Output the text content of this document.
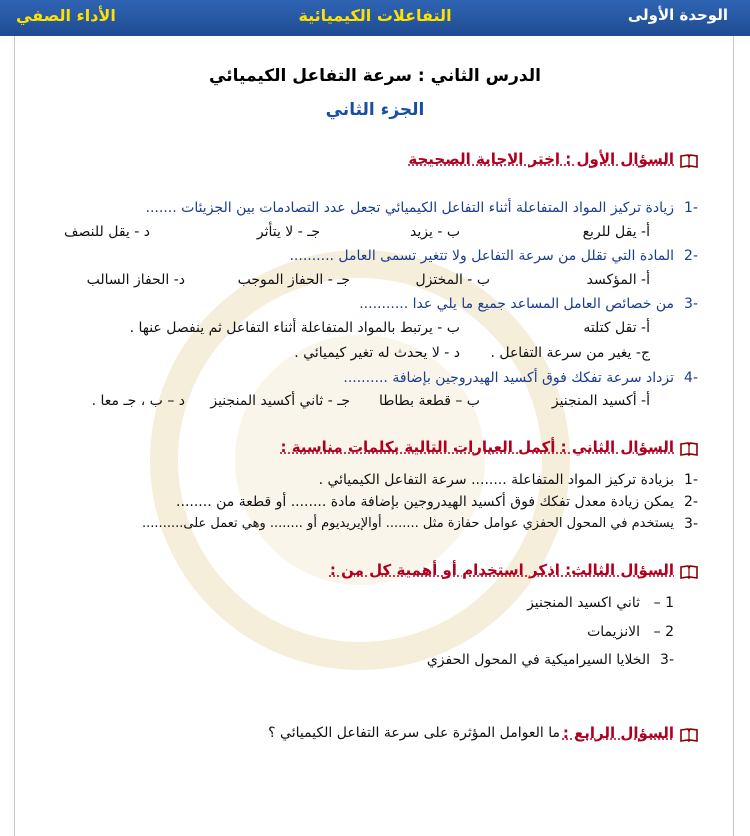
الوحدة الأولى
التفاعلات الكيميائية
الأداء الصفي
الدرس الثاني : سرعة التفاعل الكيميائي
الجزء الثاني
السؤال الأول : اختر الاجابة الصحيحة
-1
زيادة تركيز المواد المتفاعلة أثناء التفاعل الكيميائي تجعل عدد التصادمات بين الجزيئات .......
أ- يقل للربع
ب - يزيد
جـ - لا يتأثر
د - يقل للنصف
-2
المادة التي تقلل من سرعة التفاعل ولا تتغير تسمى العامل ..........
أ- المؤكسد
ب - المختزل
جـ - الحفاز الموجب
د- الحفاز السالب
-3
من خصائص العامل المساعد جميع ما يلي عدا ...........
أ- تقل كتلته
ب - يرتبط بالمواد المتفاعلة أثناء التفاعل ثم ينفصل عنها .
ج- يغير من سرعة التفاعل .
د - لا يحدث له تغير كيميائي .
-4
تزداد سرعة تفكك فوق أكسيد الهيدروجين بإضافة ..........
أ- أكسيد المنجنيز
ب – قطعة بطاطا
جـ - ثاني أكسيد المنجنيز
د – ب ، جـ معا .
السؤال الثاني : أكمل العبارات التالية بكلمات مناسبة :
-1
بزيادة تركيز المواد المتفاعلة ........ سرعة التفاعل الكيميائي .
-2
يمكن زيادة معدل تفكك فوق أكسيد الهيدروجين بإضافة مادة ........ أو قطعة من ........
-3
يستخدم في المحول الحفزي عوامل حفازة مثل ........ أوالإيريديوم أو ........ وهي تعمل على..........
السؤال الثالث: اذكر استخدام أو أهمية كل من :
1 –
ثاني اكسيد المنجنيز
2 –
الانزيمات
-3
الخلايا السيراميكية في المحول الحفزي
السؤال الرابع :
ما العوامل المؤثرة على سرعة التفاعل الكيميائي ؟
